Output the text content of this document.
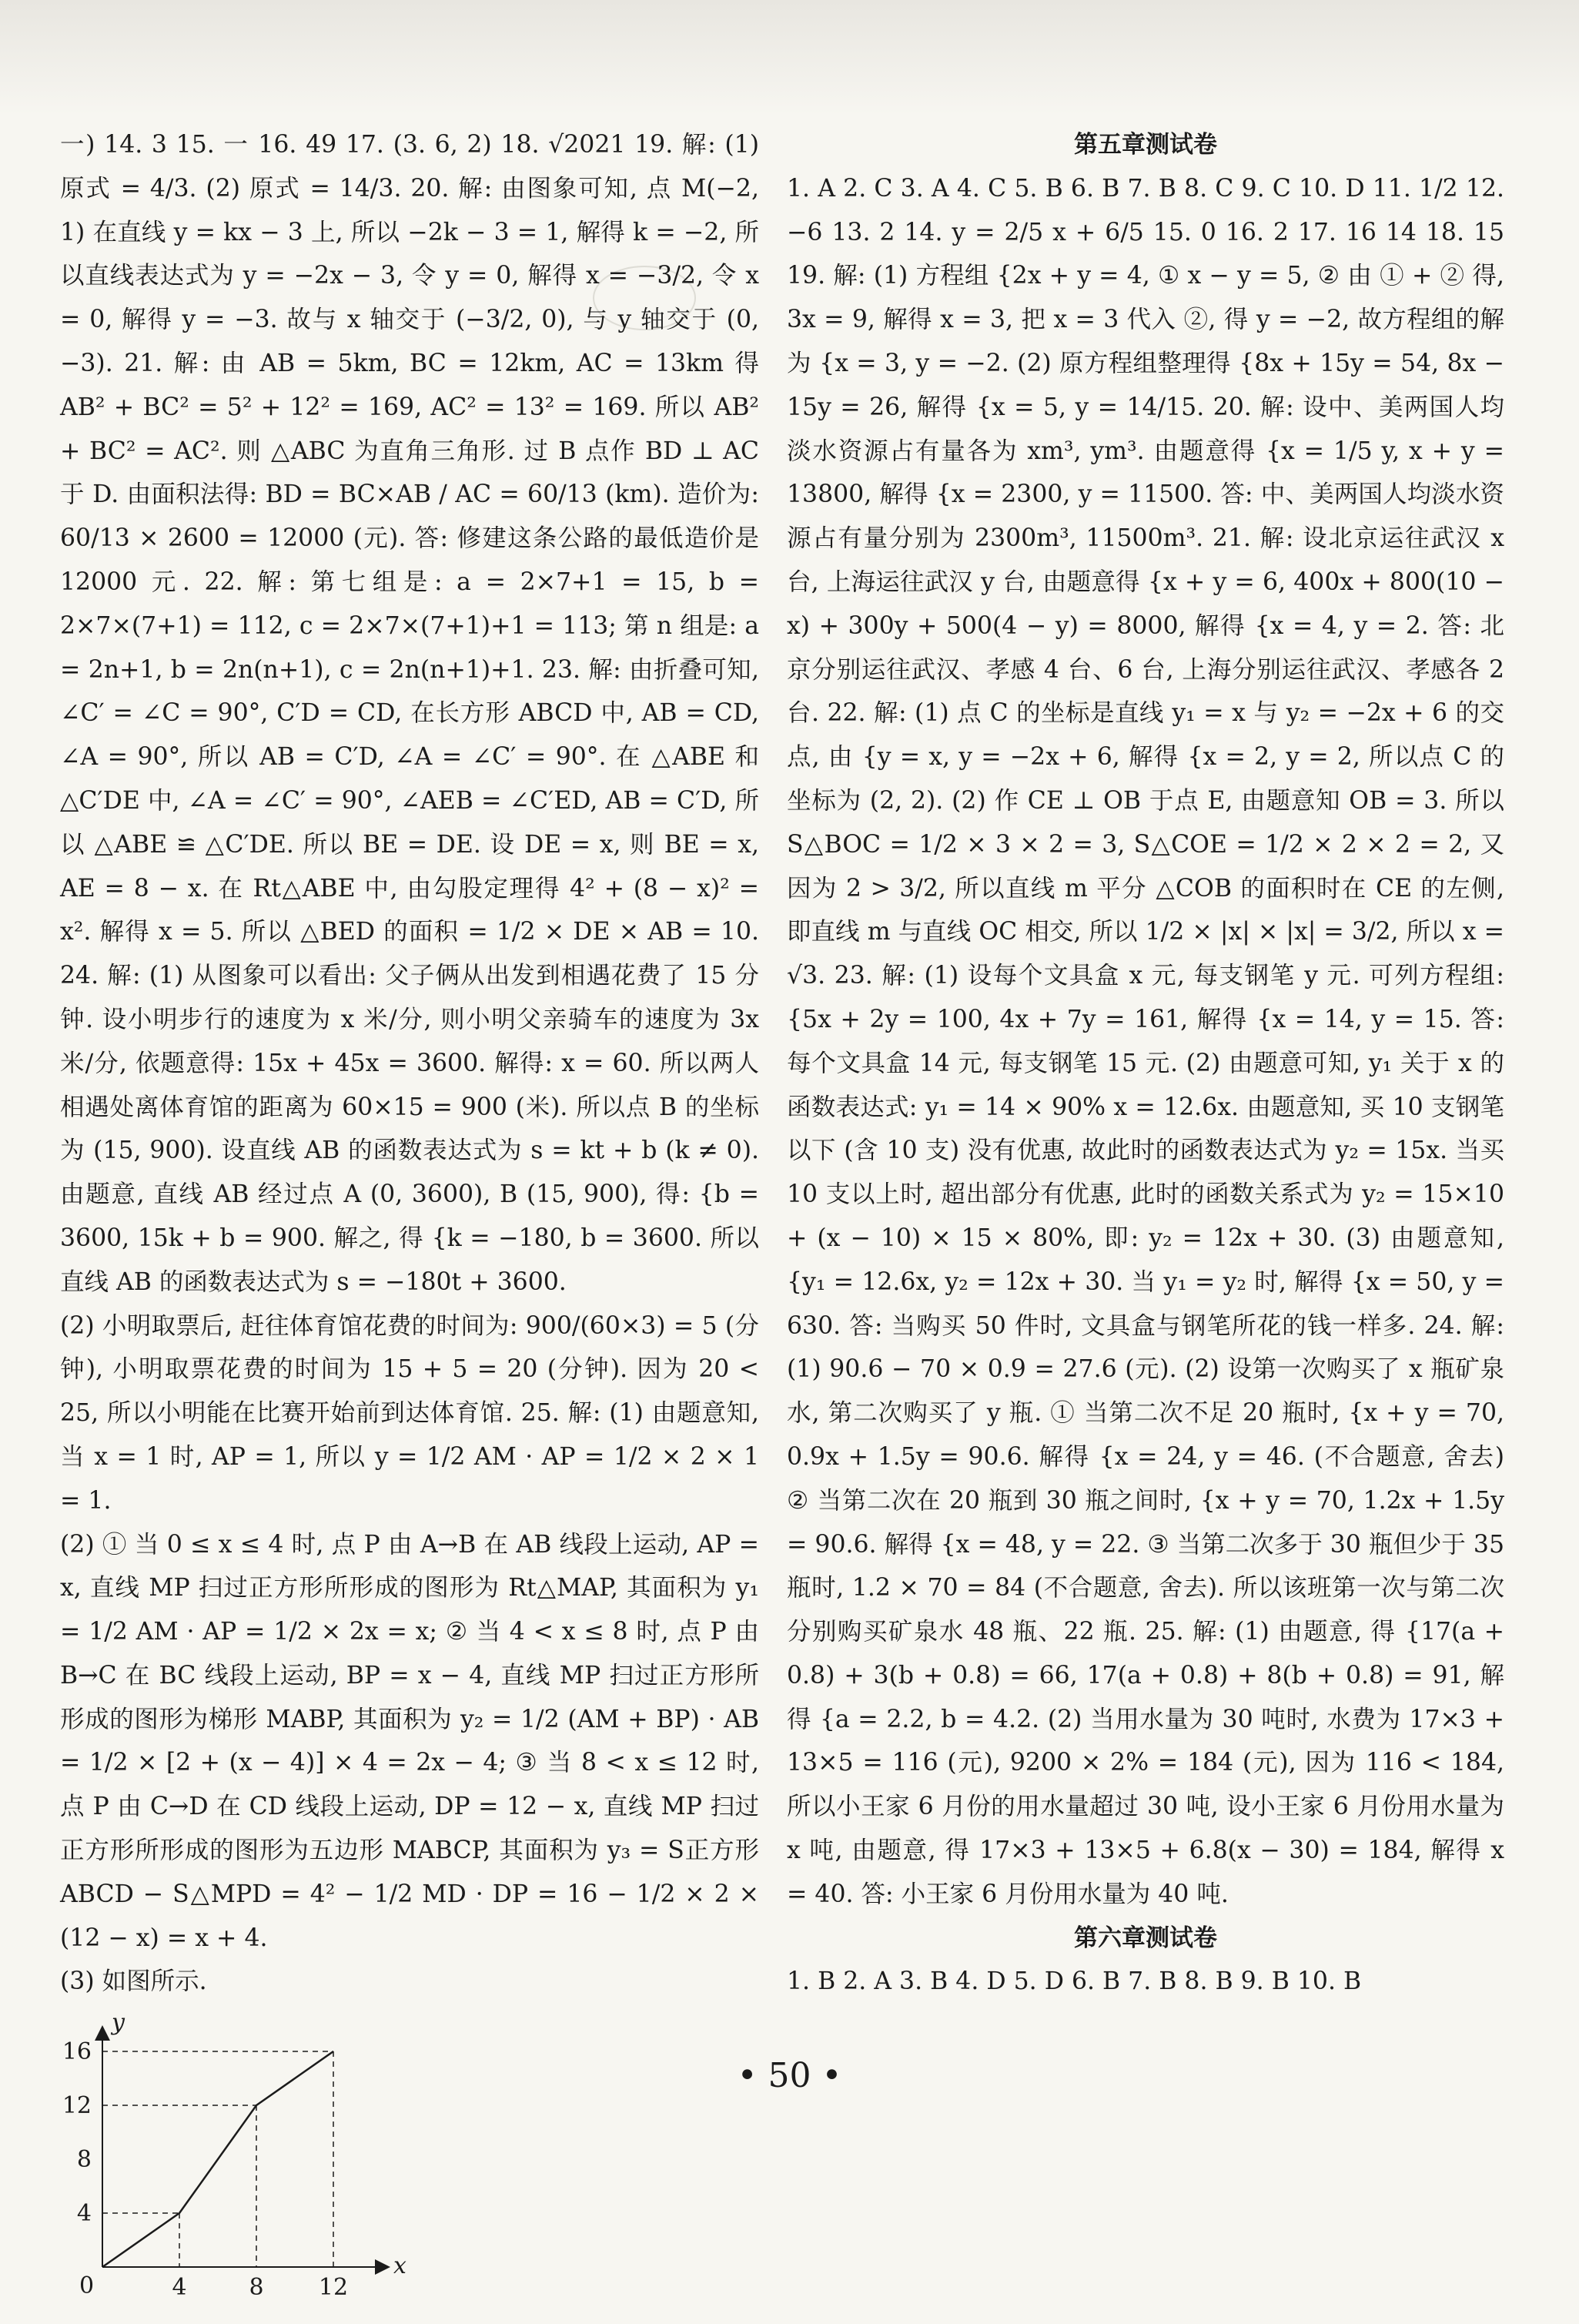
一) 14. 3 15. 一 16. 49 17. (3. 6, 2) 18. √2021 19. 解: (1) 原式 = 4/3. (2) 原式 = 14/3. 20. 解: 由图象可知, 点 M(−2, 1) 在直线 y = kx − 3 上, 所以 −2k − 3 = 1, 解得 k = −2, 所以直线表达式为 y = −2x − 3, 令 y = 0, 解得 x = −3/2, 令 x = 0, 解得 y = −3. 故与 x 轴交于 (−3/2, 0), 与 y 轴交于 (0, −3). 21. 解: 由 AB = 5km, BC = 12km, AC = 13km 得 AB² + BC² = 5² + 12² = 169, AC² = 13² = 169. 所以 AB² + BC² = AC². 则 △ABC 为直角三角形. 过 B 点作 BD ⊥ AC 于 D. 由面积法得: BD = BC×AB / AC = 60/13 (km). 造价为: 60/13 × 2600 = 12000 (元). 答: 修建这条公路的最低造价是 12000 元. 22. 解: 第七组是: a = 2×7+1 = 15, b = 2×7×(7+1) = 112, c = 2×7×(7+1)+1 = 113; 第 n 组是: a = 2n+1, b = 2n(n+1), c = 2n(n+1)+1. 23. 解: 由折叠可知, ∠C′ = ∠C = 90°, C′D = CD, 在长方形 ABCD 中, AB = CD, ∠A = 90°, 所以 AB = C′D, ∠A = ∠C′ = 90°. 在 △ABE 和 △C′DE 中, ∠A = ∠C′ = 90°, ∠AEB = ∠C′ED, AB = C′D, 所以 △ABE ≌ △C′DE. 所以 BE = DE. 设 DE = x, 则 BE = x, AE = 8 − x. 在 Rt△ABE 中, 由勾股定理得 4² + (8 − x)² = x². 解得 x = 5. 所以 △BED 的面积 = 1/2 × DE × AB = 10. 24. 解: (1) 从图象可以看出: 父子俩从出发到相遇花费了 15 分钟. 设小明步行的速度为 x 米/分, 则小明父亲骑车的速度为 3x 米/分, 依题意得: 15x + 45x = 3600. 解得: x = 60. 所以两人相遇处离体育馆的距离为 60×15 = 900 (米). 所以点 B 的坐标为 (15, 900). 设直线 AB 的函数表达式为 s = kt + b (k ≠ 0). 由题意, 直线 AB 经过点 A (0, 3600), B (15, 900), 得: {b = 3600, 15k + b = 900. 解之, 得 {k = −180, b = 3600. 所以直线 AB 的函数表达式为 s = −180t + 3600.

(2) 小明取票后, 赶往体育馆花费的时间为: 900/(60×3) = 5 (分钟), 小明取票花费的时间为 15 + 5 = 20 (分钟). 因为 20 < 25, 所以小明能在比赛开始前到达体育馆. 25. 解: (1) 由题意知, 当 x = 1 时, AP = 1, 所以 y = 1/2 AM · AP = 1/2 × 2 × 1 = 1.

(2) ① 当 0 ≤ x ≤ 4 时, 点 P 由 A→B 在 AB 线段上运动, AP = x, 直线 MP 扫过正方形所形成的图形为 Rt△MAP, 其面积为 y₁ = 1/2 AM · AP = 1/2 × 2x = x; ② 当 4 < x ≤ 8 时, 点 P 由 B→C 在 BC 线段上运动, BP = x − 4, 直线 MP 扫过正方形所形成的图形为梯形 MABP, 其面积为 y₂ = 1/2 (AM + BP) · AB = 1/2 × [2 + (x − 4)] × 4 = 2x − 4; ③ 当 8 < x ≤ 12 时, 点 P 由 C→D 在 CD 线段上运动, DP = 12 − x, 直线 MP 扫过正方形所形成的图形为五边形 MABCP, 其面积为 y₃ = S正方形ABCD − S△MPD = 4² − 1/2 MD · DP = 16 − 1/2 × 2 × (12 − x) = x + 4.

(3) 如图所示.

x
y
0	4	8 12
4
8
12
16

第五章测试卷

1. A 2. C 3. A 4. C 5. B 6. B 7. B 8. C 9. C 10. D 11. 1/2 12. −6 13. 2 14. y = 2/5 x + 6/5 15. 0 16. 2 17. 16 14 18. 15 19. 解: (1) 方程组 {2x + y = 4, ① x − y = 5, ② 由 ① + ② 得, 3x = 9, 解得 x = 3, 把 x = 3 代入 ②, 得 y = −2, 故方程组的解为 {x = 3, y = −2. (2) 原方程组整理得 {8x + 15y = 54, 8x − 15y = 26, 解得 {x = 5, y = 14/15. 20. 解: 设中、美两国人均淡水资源占有量各为 xm³, ym³. 由题意得 {x = 1/5 y, x + y = 13800, 解得 {x = 2300, y = 11500. 答: 中、美两国人均淡水资源占有量分别为 2300m³, 11500m³. 21. 解: 设北京运往武汉 x 台, 上海运往武汉 y 台, 由题意得 {x + y = 6, 400x + 800(10 − x) + 300y + 500(4 − y) = 8000, 解得 {x = 4, y = 2. 答: 北京分别运往武汉、孝感 4 台、6 台, 上海分别运往武汉、孝感各 2 台. 22. 解: (1) 点 C 的坐标是直线 y₁ = x 与 y₂ = −2x + 6 的交点, 由 {y = x, y = −2x + 6, 解得 {x = 2, y = 2, 所以点 C 的坐标为 (2, 2). (2) 作 CE ⊥ OB 于点 E, 由题意知 OB = 3. 所以 S△BOC = 1/2 × 3 × 2 = 3, S△COE = 1/2 × 2 × 2 = 2, 又因为 2 > 3/2, 所以直线 m 平分 △COB 的面积时在 CE 的左侧, 即直线 m 与直线 OC 相交, 所以 1/2 × |x| × |x| = 3/2, 所以 x = √3. 23. 解: (1) 设每个文具盒 x 元, 每支钢笔 y 元. 可列方程组: {5x + 2y = 100, 4x + 7y = 161, 解得 {x = 14, y = 15. 答: 每个文具盒 14 元, 每支钢笔 15 元. (2) 由题意可知, y₁ 关于 x 的函数表达式: y₁ = 14 × 90% x = 12.6x. 由题意知, 买 10 支钢笔以下 (含 10 支) 没有优惠, 故此时的函数表达式为 y₂ = 15x. 当买 10 支以上时, 超出部分有优惠, 此时的函数关系式为 y₂ = 15×10 + (x − 10) × 15 × 80%, 即: y₂ = 12x + 30. (3) 由题意知, {y₁ = 12.6x, y₂ = 12x + 30. 当 y₁ = y₂ 时, 解得 {x = 50, y = 630. 答: 当购买 50 件时, 文具盒与钢笔所花的钱一样多. 24. 解: (1) 90.6 − 70 × 0.9 = 27.6 (元). (2) 设第一次购买了 x 瓶矿泉水, 第二次购买了 y 瓶. ① 当第二次不足 20 瓶时, {x + y = 70, 0.9x + 1.5y = 90.6. 解得 {x = 24, y = 46. (不合题意, 舍去) ② 当第二次在 20 瓶到 30 瓶之间时, {x + y = 70, 1.2x + 1.5y = 90.6. 解得 {x = 48, y = 22. ③ 当第二次多于 30 瓶但少于 35 瓶时, 1.2 × 70 = 84 (不合题意, 舍去). 所以该班第一次与第二次分别购买矿泉水 48 瓶、22 瓶. 25. 解: (1) 由题意, 得 {17(a + 0.8) + 3(b + 0.8) = 66, 17(a + 0.8) + 8(b + 0.8) = 91, 解得 {a = 2.2, b = 4.2. (2) 当用水量为 30 吨时, 水费为 17×3 + 13×5 = 116 (元), 9200 × 2% = 184 (元), 因为 116 < 184, 所以小王家 6 月份的用水量超过 30 吨, 设小王家 6 月份用水量为 x 吨, 由题意, 得 17×3 + 13×5 + 6.8(x − 30) = 184, 解得 x = 40. 答: 小王家 6 月份用水量为 40 吨.

第六章测试卷

1. B 2. A 3. B 4. D 5. D 6. B 7. B 8. B 9. B 10. B

• 50 •
